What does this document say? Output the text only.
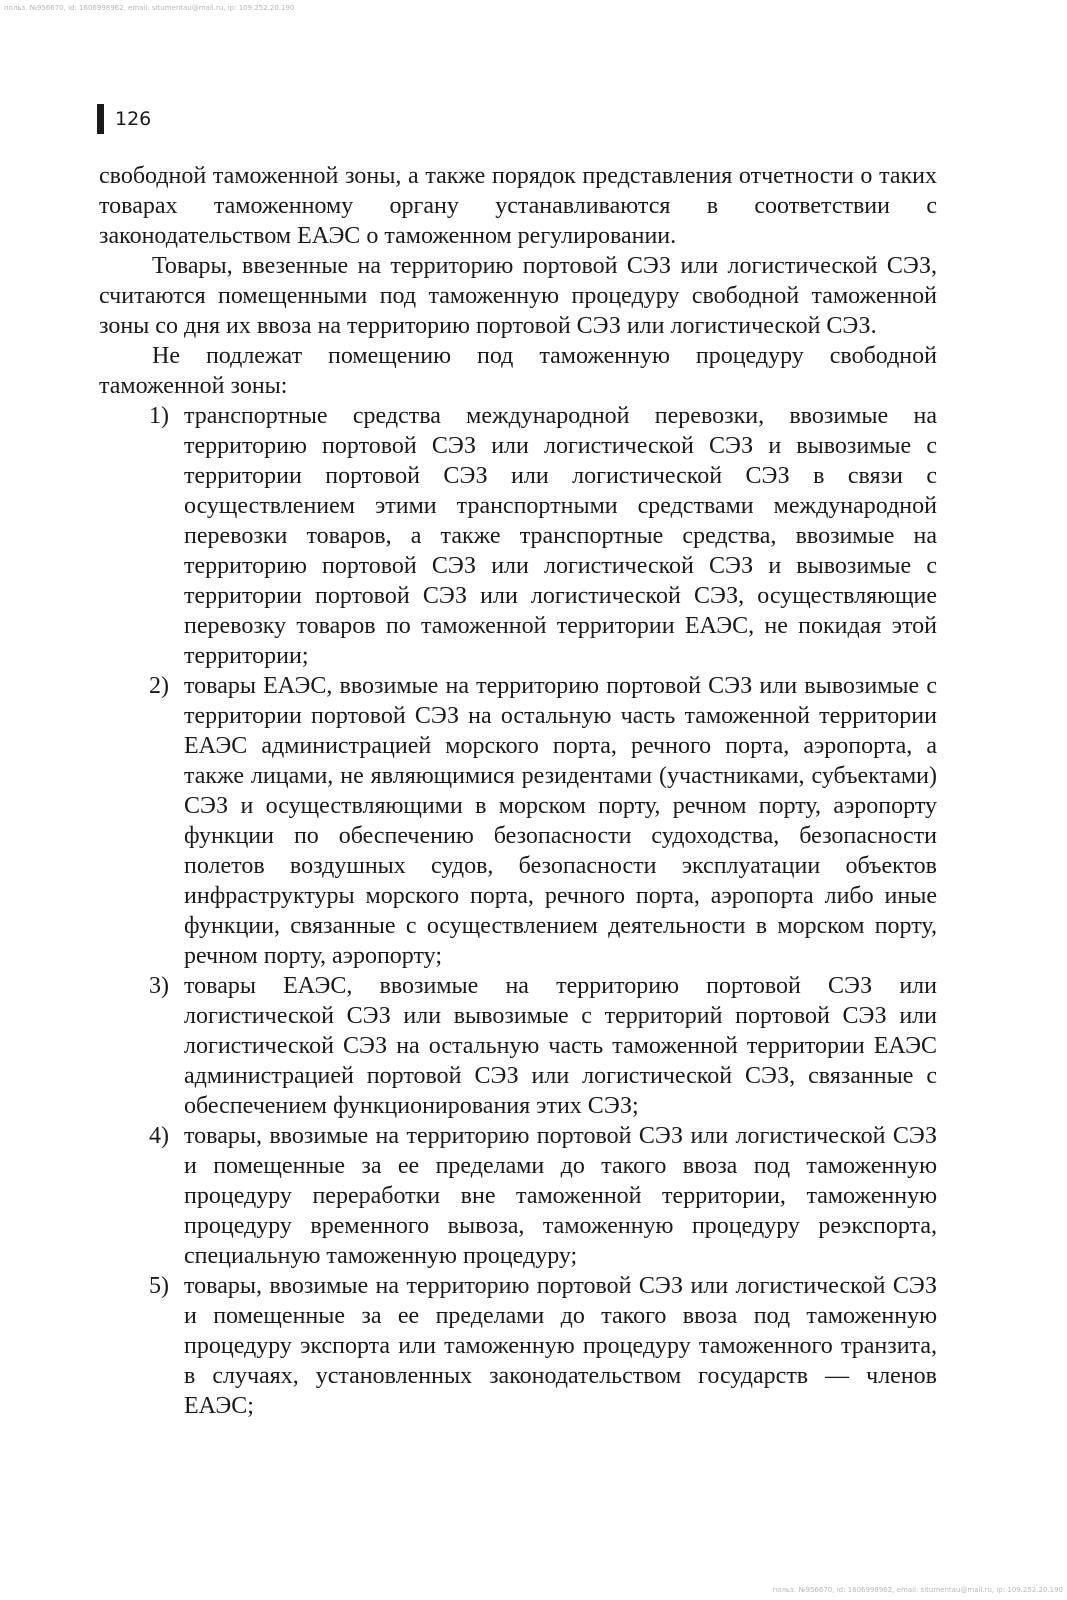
польз. №956670, id: 1606998962, email: situmentau@mail.ru, ip: 109.252.20.190
126

свободной таможенной зоны, а также порядок представления отчетности о таких товарах таможенному органу устанавливаются в соответствии с законодательством ЕАЭС о таможенном регулировании.

Товары, ввезенные на территорию портовой СЭЗ или логистической СЭЗ, считаются помещенными под таможенную процедуру свободной таможенной зоны со дня их ввоза на территорию портовой СЭЗ или логистической СЭЗ.

Не подлежат помещению под таможенную процедуру свободной таможенной зоны:

1) транспортные средства международной перевозки, ввозимые на территорию портовой СЭЗ или логистической СЭЗ и вывозимые с территории портовой СЭЗ или логистической СЭЗ в связи с осуществлением этими транспортными средствами международной перевозки товаров, а также транспортные средства, ввозимые на территорию портовой СЭЗ или логистической СЭЗ и вывозимые с территории портовой СЭЗ или логистической СЭЗ, осуществляющие перевозку товаров по таможенной территории ЕАЭС, не покидая этой территории;
2) товары ЕАЭС, ввозимые на территорию портовой СЭЗ или вывозимые с территории портовой СЭЗ на остальную часть таможенной территории ЕАЭС администрацией морского порта, речного порта, аэропорта, а также лицами, не являющимися резидентами (участниками, субъектами) СЭЗ и осуществляющими в морском порту, речном порту, аэропорту функции по обеспечению безопасности судоходства, безопасности полетов воздушных судов, безопасности эксплуатации объектов инфраструктуры морского порта, речного порта, аэропорта либо иные функции, связанные с осуществлением деятельности в морском порту, речном порту, аэропорту;
3) товары ЕАЭС, ввозимые на территорию портовой СЭЗ или логистической СЭЗ или вывозимые с территорий портовой СЭЗ или логистической СЭЗ на остальную часть таможенной территории ЕАЭС администрацией портовой СЭЗ или логистической СЭЗ, связанные с обеспечением функционирования этих СЭЗ;
4) товары, ввозимые на территорию портовой СЭЗ или логистической СЭЗ и помещенные за ее пределами до такого ввоза под таможенную процедуру переработки вне таможенной территории, таможенную процедуру временного вывоза, таможенную процедуру реэкспорта, специальную таможенную процедуру;
5) товары, ввозимые на территорию портовой СЭЗ или логистической СЭЗ и помещенные за ее пределами до такого ввоза под таможенную процедуру экспорта или таможенную процедуру таможенного транзита, в случаях, установленных законодательством государств — членов ЕАЭС;
польз. №956670, id: 1606998962, email: situmentau@mail.ru, ip: 109.252.20.190
